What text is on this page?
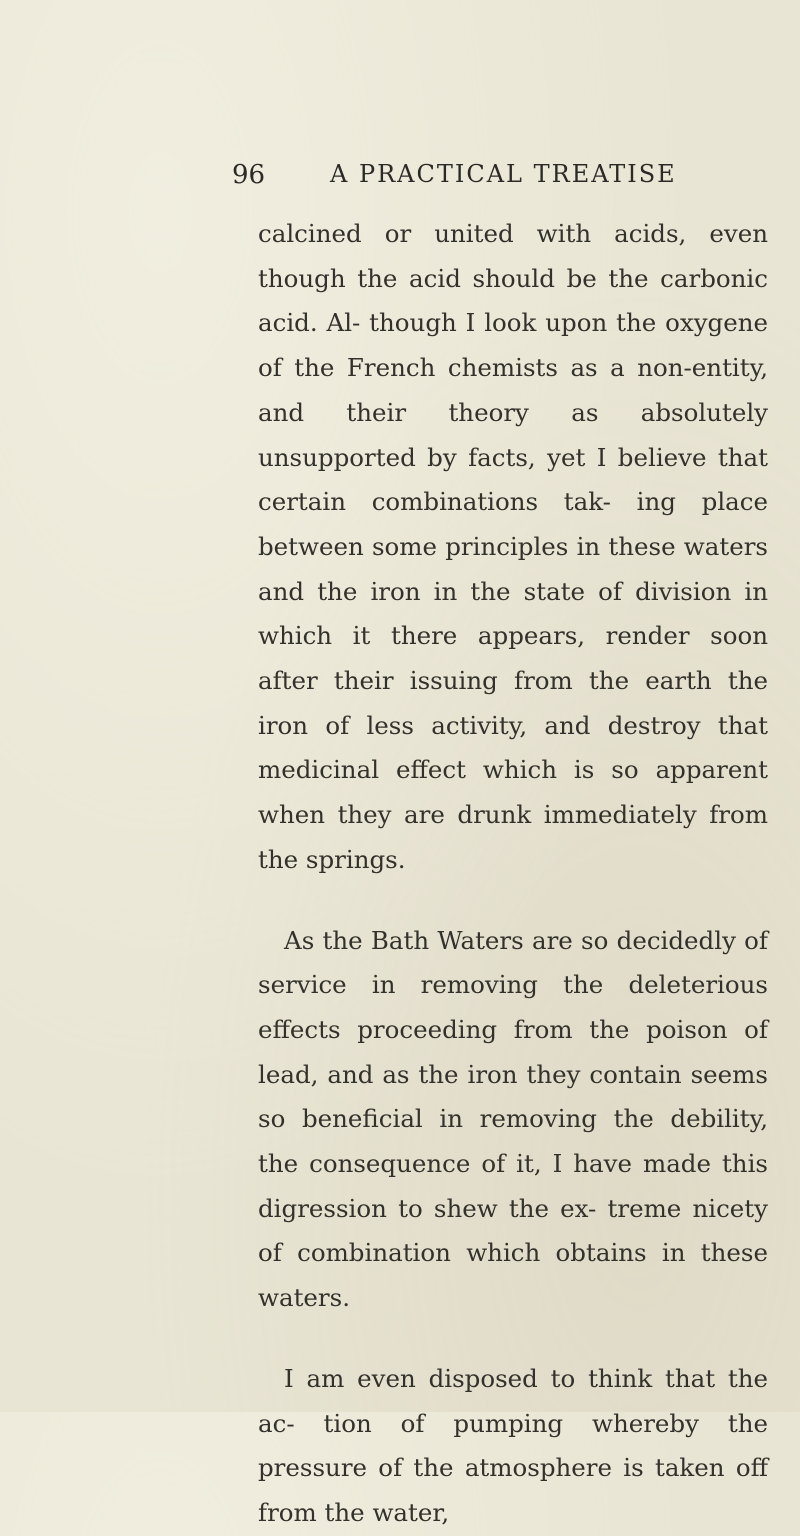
96	A PRACTICAL TREATISE

calcined or united with acids, even though the acid should be the carbonic acid. Al- though I look upon the oxygene of the French chemists as a non-entity, and their theory as absolutely unsupported by facts, yet I believe that certain combinations tak- ing place between some principles in these waters and the iron in the state of division in which it there appears, render soon after their issuing from the earth the iron of less activity, and destroy that medicinal effect which is so apparent when they are drunk immediately from the springs.

As the Bath Waters are so decidedly of service in removing the deleterious effects proceeding from the poison of lead, and as the iron they contain seems so beneficial in removing the debility, the consequence of it, I have made this digression to shew the ex- treme nicety of combination which obtains in these waters.

I am even disposed to think that the ac- tion of pumping whereby the pressure of the atmosphere is taken off from the water,
